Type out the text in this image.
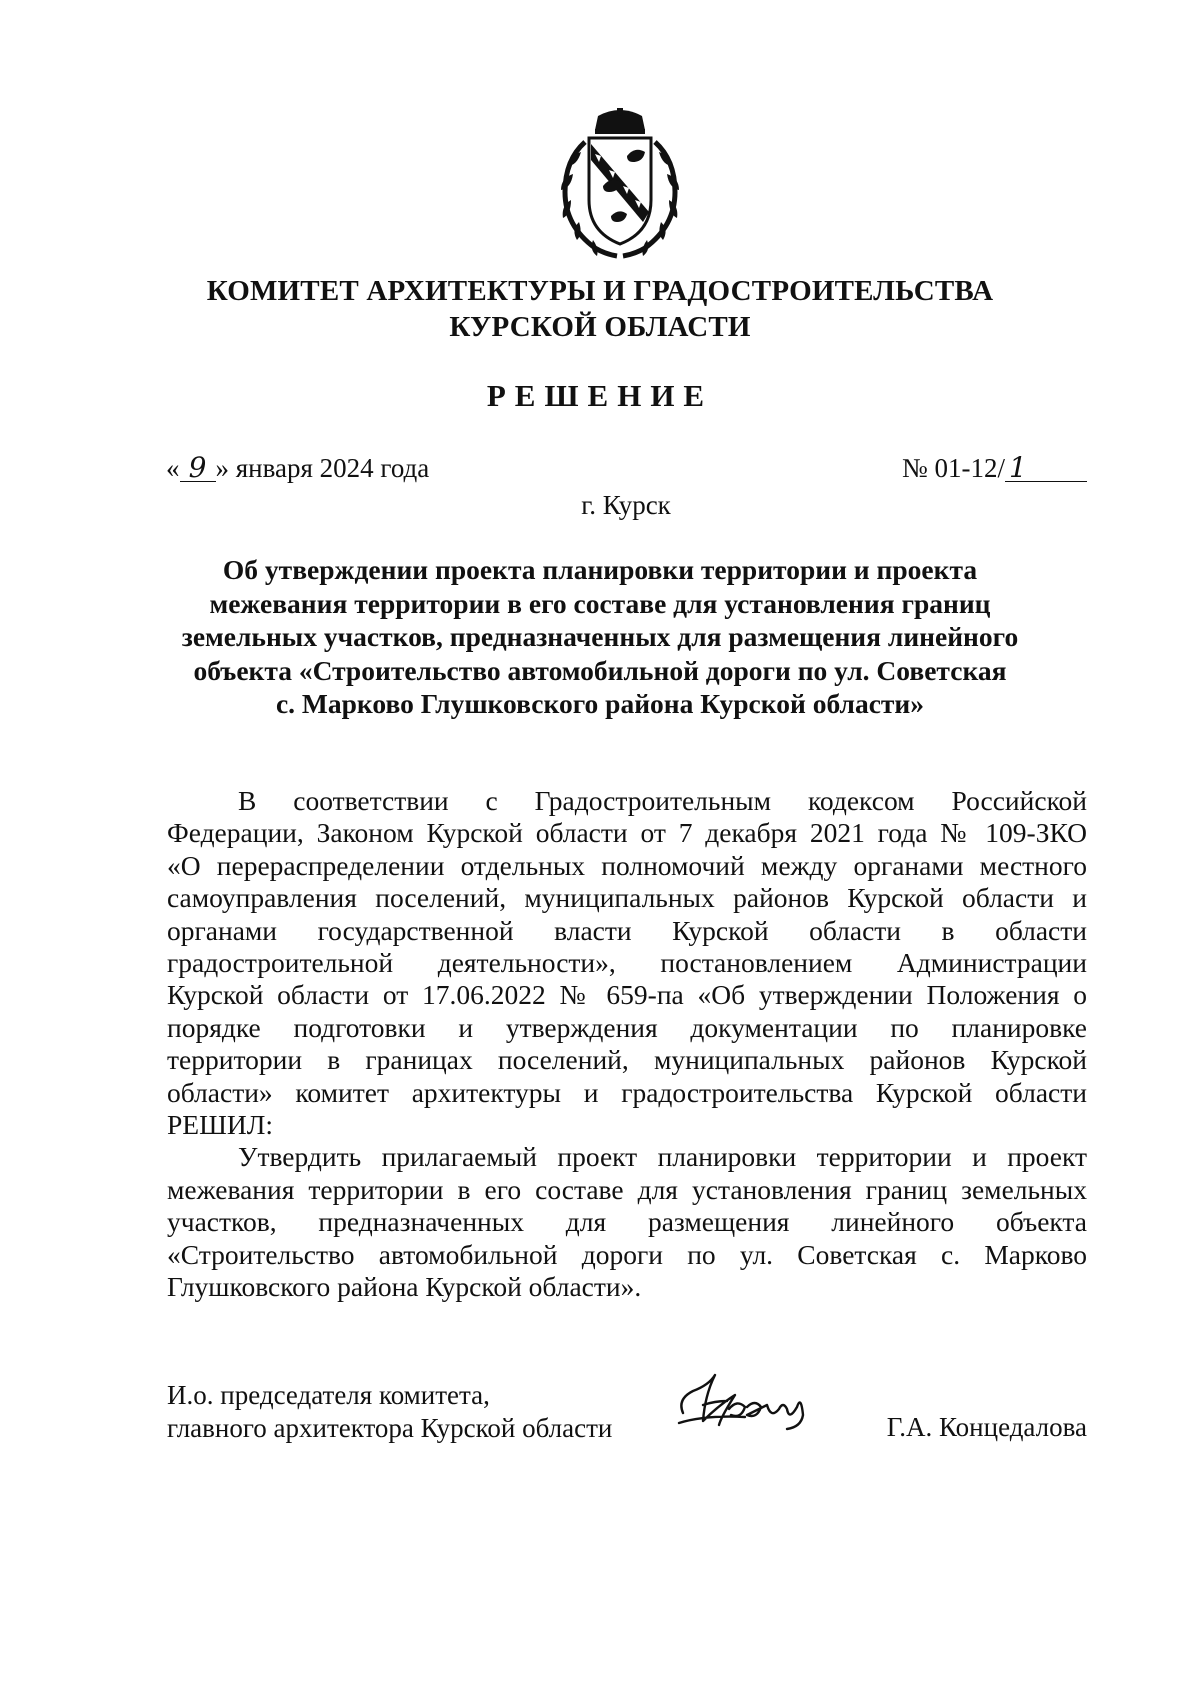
КОМИТЕТ АРХИТЕКТУРЫ И ГРАДОСТРОИТЕЛЬСТВА
КУРСКОЙ ОБЛАСТИ
РЕШЕНИЕ
« 9 » января 2024 года	№ 01-12/ 1
г. Курск
Об утверждении проекта планировки территории и проекта
межевания территории в его составе для установления границ
земельных участков, предназначенных для размещения линейного
объекта «Строительство автомобильной дороги по ул. Советская
с. Марково Глушковского района Курской области»
В соответствии с Градостроительным кодексом Российской
Федерации, Законом Курской области от 7 декабря 2021 года № 109-ЗКО
«О перераспределении отдельных полномочий между органами местного
самоуправления поселений, муниципальных районов Курской области и
органами государственной власти Курской области в области
градостроительной деятельности», постановлением Администрации
Курской области от 17.06.2022 № 659-па «Об утверждении Положения о
порядке подготовки и утверждения документации по планировке
территории в границах поселений, муниципальных районов Курской
области» комитет архитектуры и градостроительства Курской области
РЕШИЛ:
Утвердить прилагаемый проект планировки территории и проект
межевания территории в его составе для установления границ земельных
участков, предназначенных для размещения линейного объекта
«Строительство автомобильной дороги по ул. Советская с. Марково
Глушковского района Курской области».
И.о. председателя комитета,
главного архитектора Курской области	Г.А. Концедалова
